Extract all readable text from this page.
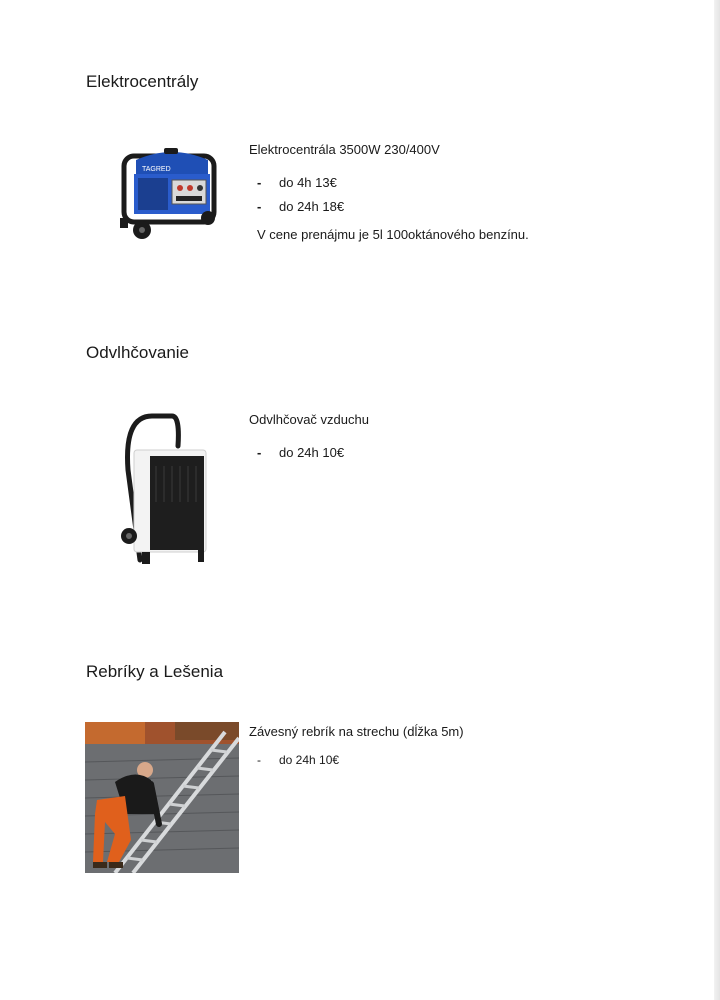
Elektrocentrály
TAGRED
Elektrocentrála 3500W 230/400V
- do 4h 13€
- do 24h 18€
V cene prenájmu je 5l 100oktánového benzínu.
Odvlhčovanie
Odvlhčovač vzduchu
- do 24h 10€
Rebríky a Lešenia
Závesný rebrík na strechu (dĺžka 5m)
- do 24h 10€
